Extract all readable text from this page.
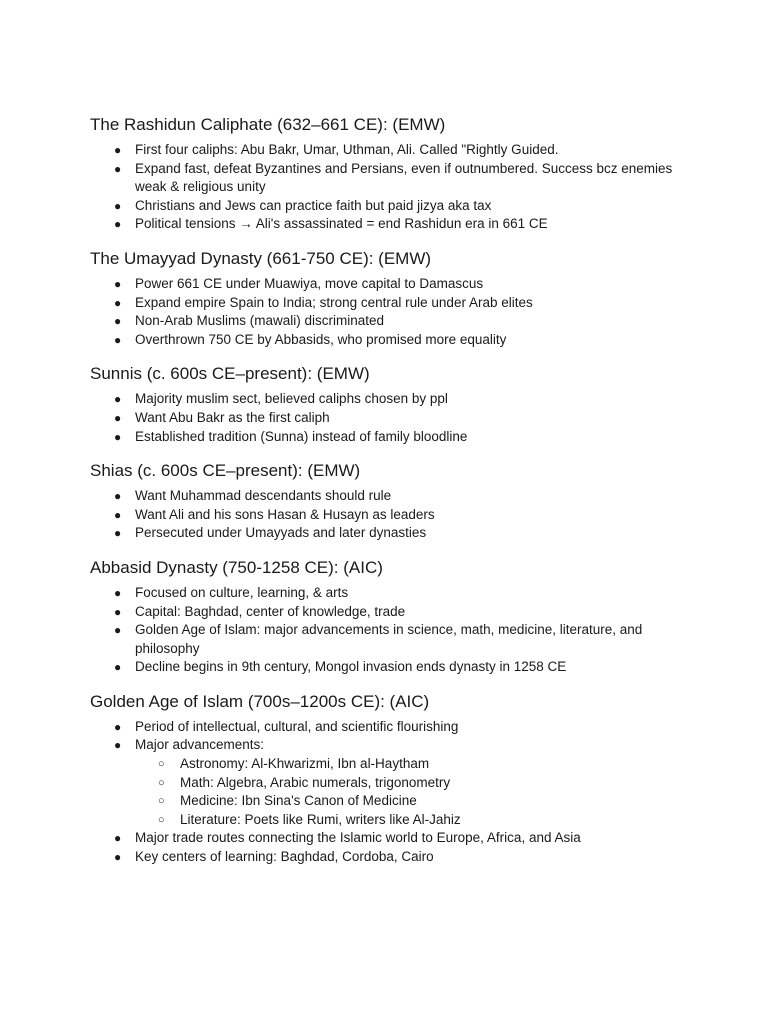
The Rashidun Caliphate (632–661 CE): (EMW)
● First four caliphs: Abu Bakr, Umar, Uthman, Ali. Called "Rightly Guided.
● Expand fast, defeat Byzantines and Persians, even if outnumbered. Success bcz enemies weak & religious unity
● Christians and Jews can practice faith but paid jizya aka tax
● Political tensions → Ali's assassinated = end Rashidun era in 661 CE
The Umayyad Dynasty (661-750 CE): (EMW)
● Power 661 CE under Muawiya, move capital to Damascus
● Expand empire Spain to India; strong central rule under Arab elites
● Non-Arab Muslims (mawali) discriminated
● Overthrown 750 CE by Abbasids, who promised more equality
Sunnis (c. 600s CE–present): (EMW)
● Majority muslim sect, believed caliphs chosen by ppl
● Want Abu Bakr as the first caliph
● Established tradition (Sunna) instead of family bloodline
Shias (c. 600s CE–present): (EMW)
● Want Muhammad descendants should rule
● Want Ali and his sons Hasan & Husayn as leaders
● Persecuted under Umayyads and later dynasties
Abbasid Dynasty (750-1258 CE): (AIC)
● Focused on culture, learning, & arts
● Capital: Baghdad, center of knowledge, trade
● Golden Age of Islam: major advancements in science, math, medicine, literature, and philosophy
● Decline begins in 9th century, Mongol invasion ends dynasty in 1258 CE
Golden Age of Islam (700s–1200s CE): (AIC)
● Period of intellectual, cultural, and scientific flourishing
● Major advancements:
○ Astronomy: Al-Khwarizmi, Ibn al-Haytham
○ Math: Algebra, Arabic numerals, trigonometry
○ Medicine: Ibn Sina's Canon of Medicine
○ Literature: Poets like Rumi, writers like Al-Jahiz
● Major trade routes connecting the Islamic world to Europe, Africa, and Asia
● Key centers of learning: Baghdad, Cordoba, Cairo
